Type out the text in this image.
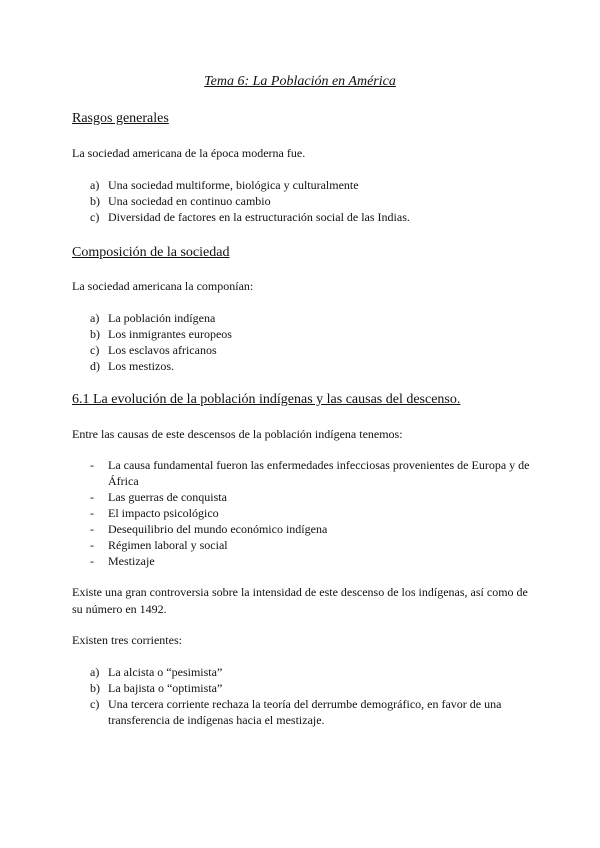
Tema 6: La Población en América
Rasgos generales
La sociedad americana de la época moderna fue.
a) Una sociedad multiforme, biológica y culturalmente
b) Una sociedad en continuo cambio
c) Diversidad de factores en la estructuración social de las Indias.
Composición de la sociedad
La sociedad americana la componían:
a) La población indígena
b) Los inmigrantes europeos
c) Los esclavos africanos
d) Los mestizos.
6.1 La evolución de la población indígenas y las causas del descenso.
Entre las causas de este descensos de la población indígena tenemos:
-	La causa fundamental fueron las enfermedades infecciosas provenientes de Europa y de África
-	Las guerras de conquista
-	El impacto psicológico
-	Desequilibrio del mundo económico indígena
-	Régimen laboral y social
-	Mestizaje
Existe una gran controversia sobre la intensidad de este descenso de los indígenas, así como de su número en 1492.
Existen tres corrientes:
a) La alcista o “pesimista”
b) La bajista o “optimista”
c) Una tercera corriente rechaza la teoría del derrumbe demográfico, en favor de una transferencia de indígenas hacia el mestizaje.
